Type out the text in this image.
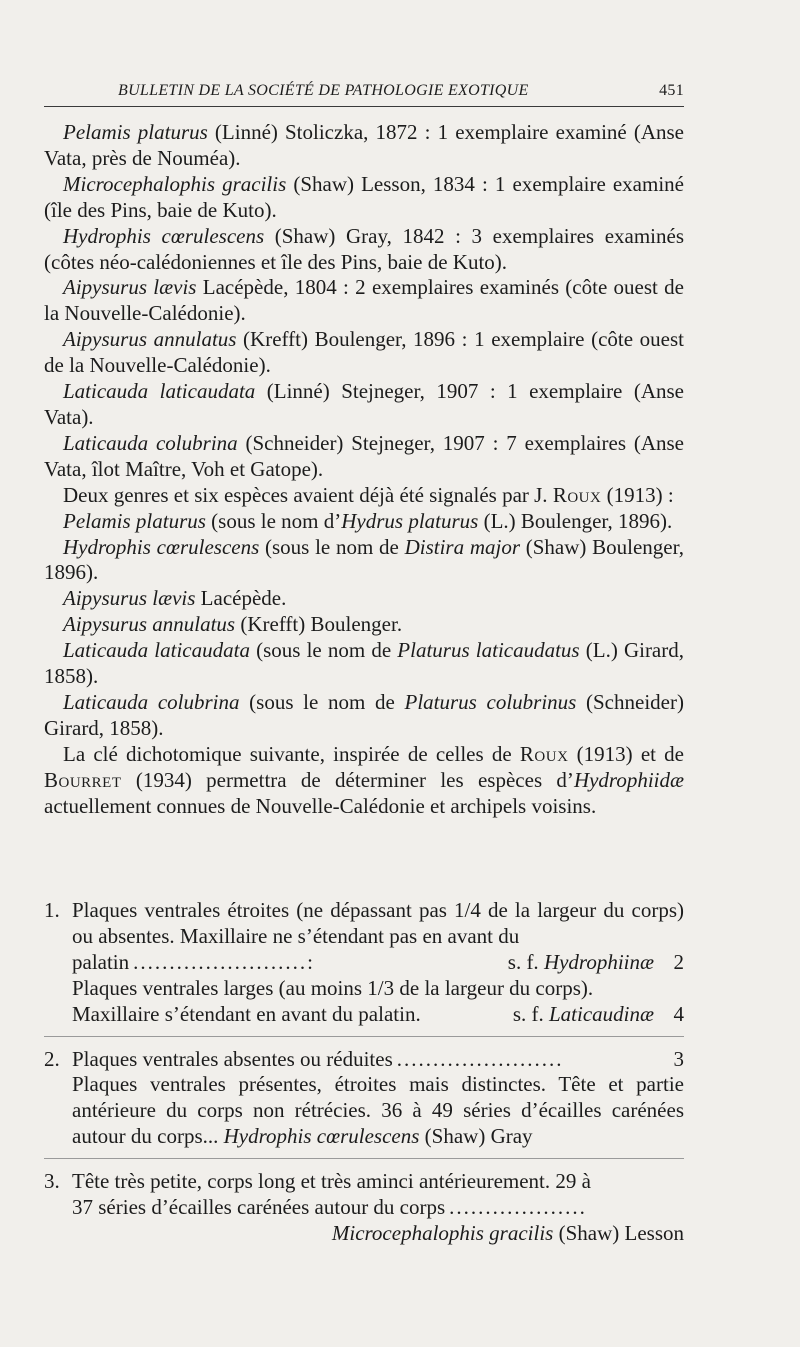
BULLETIN DE LA SOCIÉTÉ DE PATHOLOGIE EXOTIQUE	451

Pelamis platurus (Linné) Stoliczka, 1872 : 1 exemplaire examiné (Anse Vata, près de Nouméa).

Microcephalophis gracilis (Shaw) Lesson, 1834 : 1 exemplaire examiné (île des Pins, baie de Kuto).

Hydrophis cœrulescens (Shaw) Gray, 1842 : 3 exemplaires examinés (côtes néo-calédoniennes et île des Pins, baie de Kuto).

Aipysurus lævis Lacépède, 1804 : 2 exemplaires examinés (côte ouest de la Nouvelle-Calédonie).

Aipysurus annulatus (Krefft) Boulenger, 1896 : 1 exemplaire (côte ouest de la Nouvelle-Calédonie).

Laticauda laticaudata (Linné) Stejneger, 1907 : 1 exemplaire (Anse Vata).

Laticauda colubrina (Schneider) Stejneger, 1907 : 7 exemplaires (Anse Vata, îlot Maître, Voh et Gatope).

Deux genres et six espèces avaient déjà été signalés par J. Roux (1913) :

Pelamis platurus (sous le nom d’Hydrus platurus (L.) Boulenger, 1896).

Hydrophis cœrulescens (sous le nom de Distira major (Shaw) Boulenger, 1896).

Aipysurus lævis Lacépède.

Aipysurus annulatus (Krefft) Boulenger.

Laticauda laticaudata (sous le nom de Platurus laticaudatus (L.) Girard, 1858).

Laticauda colubrina (sous le nom de Platurus colubrinus (Schneider) Girard, 1858).

La clé dichotomique suivante, inspirée de celles de Roux (1913) et de Bourret (1934) permettra de déterminer les espèces d’Hydrophiidæ actuellement connues de Nouvelle-Calédonie et archipels voisins.

1. Plaques ventrales étroites (ne dépassant pas 1/4 de la largeur du corps) ou absentes. Maxillaire ne s’étendant pas en avant du

palatin ........................:	s. f. Hydrophiinæ 2

Plaques ventrales larges (au moins 1/3 de la largeur du corps).

Maxillaire s’étendant en avant du palatin.	s. f. Laticaudinæ 4
2. Plaques ventrales absentes ou réduites .......................	3

Plaques ventrales présentes, étroites mais distinctes. Tête et partie antérieure du corps non rétrécies. 36 à 49 séries d’écailles carénées autour du corps... Hydrophis cœrulescens (Shaw) Gray

3. Tête très petite, corps long et très aminci antérieurement. 29 à

37 séries d’écailles carénées autour du corps ...................

Microcephalophis gracilis (Shaw) Lesson
